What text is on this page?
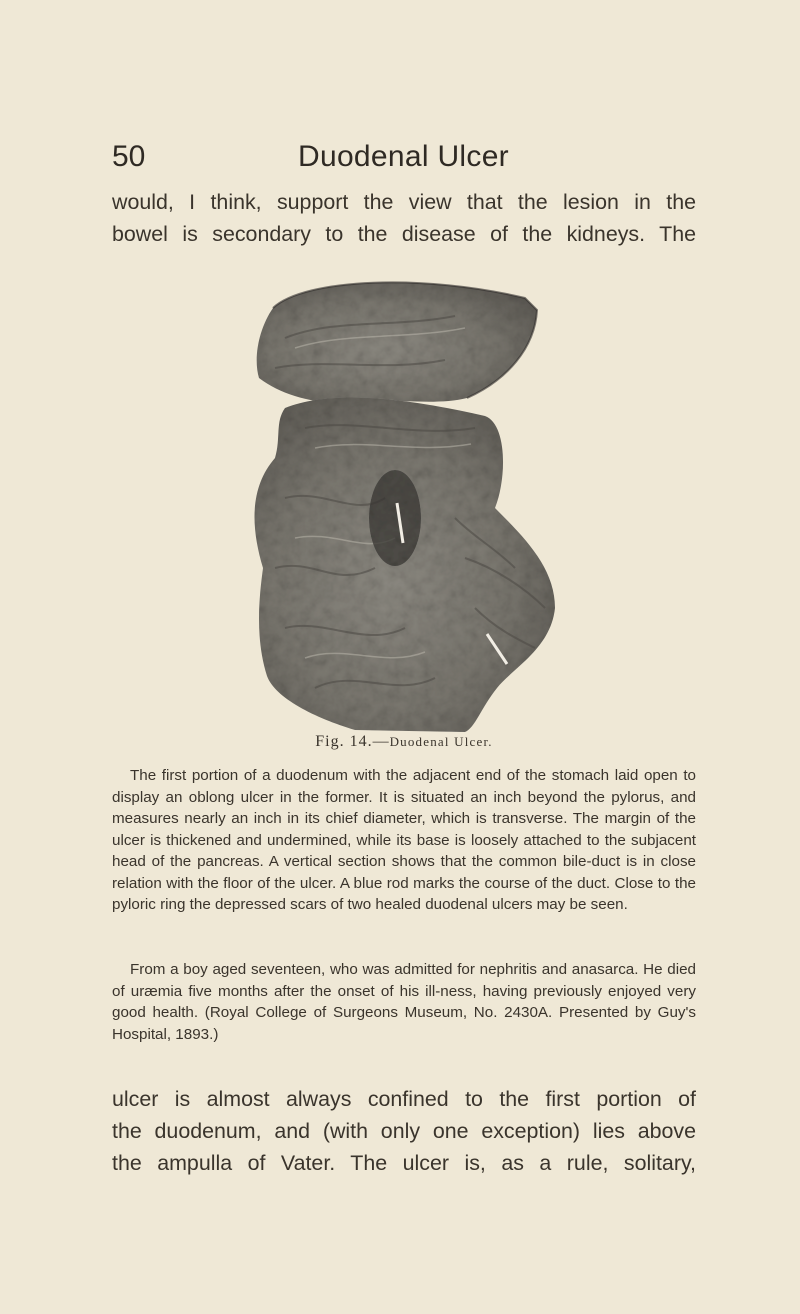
50	Duodenal Ulcer
would, I think, support the view that the lesion in the
bowel is secondary to the disease of the kidneys. The
Fig. 14.—Duodenal Ulcer.

The first portion of a duodenum with the adjacent end of the stomach laid open to display an oblong ulcer in the former. It is situated an inch beyond the pylorus, and measures nearly an inch in its chief diameter, which is transverse. The margin of the ulcer is thickened and undermined, while its base is loosely attached to the subjacent head of the pancreas. A vertical section shows that the common bile-duct is in close relation with the floor of the ulcer. A blue rod marks the course of the duct. Close to the pyloric ring the depressed scars of two healed duodenal ulcers may be seen.

From a boy aged seventeen, who was admitted for nephritis and anasarca. He died of uræmia five months after the onset of his ill-ness, having previously enjoyed very good health. (Royal College of Surgeons Museum, No. 2430A. Presented by Guy's Hospital, 1893.)

ulcer is almost always confined to the first portion of
the duodenum, and (with only one exception) lies above
the ampulla of Vater. The ulcer is, as a rule, solitary,
